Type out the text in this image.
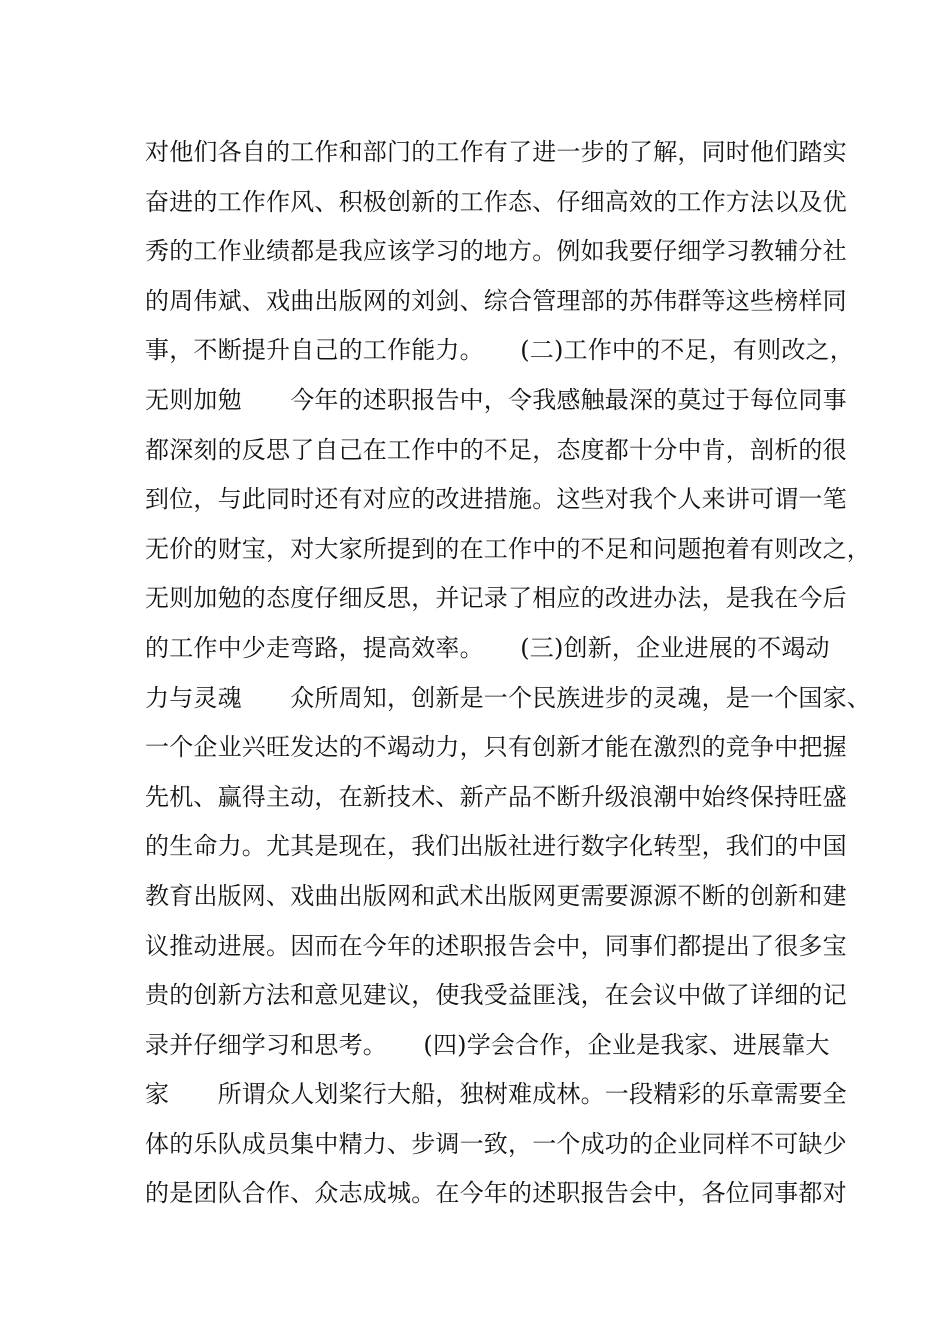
对他们各自的工作和部门的工作有了进一步的了解，同时他们踏实
奋进的工作作风、积极创新的工作态、仔细高效的工作方法以及优
秀的工作业绩都是我应该学习的地方。例如我要仔细学习教辅分社
的周伟斌、戏曲出版网的刘剑、综合管理部的苏伟群等这些榜样同
事，不断提升自己的工作能力。　　(二)工作中的不足，有则改之，
无则加勉　　今年的述职报告中，令我感触最深的莫过于每位同事
都深刻的反思了自己在工作中的不足，态度都十分中肯，剖析的很
到位，与此同时还有对应的改进措施。这些对我个人来讲可谓一笔
无价的财宝，对大家所提到的在工作中的不足和问题抱着有则改之，
无则加勉的态度仔细反思，并记录了相应的改进办法，是我在今后
的工作中少走弯路，提高效率。　　(三)创新，企业进展的不竭动
力与灵魂　　众所周知，创新是一个民族进步的灵魂，是一个国家、
一个企业兴旺发达的不竭动力，只有创新才能在激烈的竞争中把握
先机、赢得主动，在新技术、新产品不断升级浪潮中始终保持旺盛
的生命力。尤其是现在，我们出版社进行数字化转型，我们的中国
教育出版网、戏曲出版网和武术出版网更需要源源不断的创新和建
议推动进展。因而在今年的述职报告会中，同事们都提出了很多宝
贵的创新方法和意见建议，使我受益匪浅，在会议中做了详细的记
录并仔细学习和思考。　　(四)学会合作，企业是我家、进展靠大
家　　所谓众人划桨行大船，独树难成林。一段精彩的乐章需要全
体的乐队成员集中精力、步调一致，一个成功的企业同样不可缺少
的是团队合作、众志成城。在今年的述职报告会中，各位同事都对
